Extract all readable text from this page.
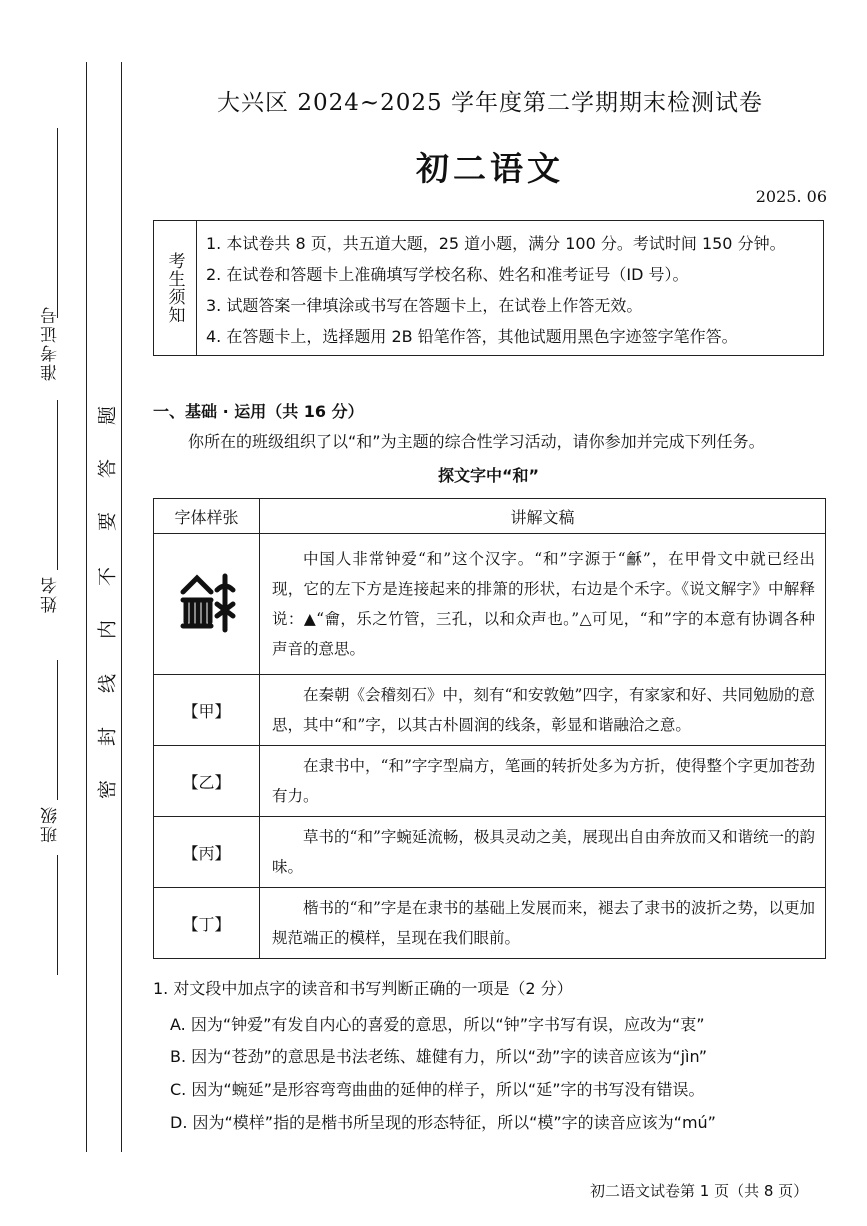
准考证号
姓名
班级
题
答
要
不
内
线
封
密
大兴区 2024~2025 学年度第二学期期末检测试卷
初二语文
2025. 06
考生须知
1. 本试卷共 8 页，共五道大题，25 道小题，满分 100 分。考试时间 150 分钟。
2. 在试卷和答题卡上准确填写学校名称、姓名和准考证号（ID 号）。
3. 试题答案一律填涂或书写在答题卡上，在试卷上作答无效。
4. 在答题卡上，选择题用 2B 铅笔作答，其他试题用黑色字迹签字笔作答。
一、基础 · 运用（共 16 分）
你所在的班级组织了以“和”为主题的综合性学习活动，请你参加并完成下列任务。
探文字中“和”
字体样张	讲解文稿
	中国人非常钟爱“和”这个汉字。“和”字源于“龢”，在甲骨文中就已经出现，它的左下方是连接起来的排箫的形状，右边是个禾字。《说文解字》中解释说：▲“龠，乐之竹管，三孔，以和众声也。”△可见，“和”字的本意有协调各种声音的意思。
【甲】	在秦朝《会稽刻石》中，刻有“和安敦勉”四字，有家家和好、共同勉励的意思，其中“和”字，以其古朴圆润的线条，彰显和谐融洽之意。
【乙】	在隶书中，“和”字字型扁方，笔画的转折处多为方折，使得整个字更加苍劲有力。
【丙】	草书的“和”字蜿延流畅，极具灵动之美，展现出自由奔放而又和谐统一的韵味。
【丁】	楷书的“和”字是在隶书的基础上发展而来，褪去了隶书的波折之势，以更加规范端正的模样，呈现在我们眼前。
1. 对文段中加点字的读音和书写判断正确的一项是（2 分）
A. 因为“钟爱”有发自内心的喜爱的意思，所以“钟”字书写有误，应改为“衷”
B. 因为“苍劲”的意思是书法老练、雄健有力，所以“劲”字的读音应该为“jìn”
C. 因为“蜿延”是形容弯弯曲曲的延伸的样子，所以“延”字的书写没有错误。
D. 因为“模样”指的是楷书所呈现的形态特征，所以“模”字的读音应该为“mú”
初二语文试卷第 1 页（共 8 页）
